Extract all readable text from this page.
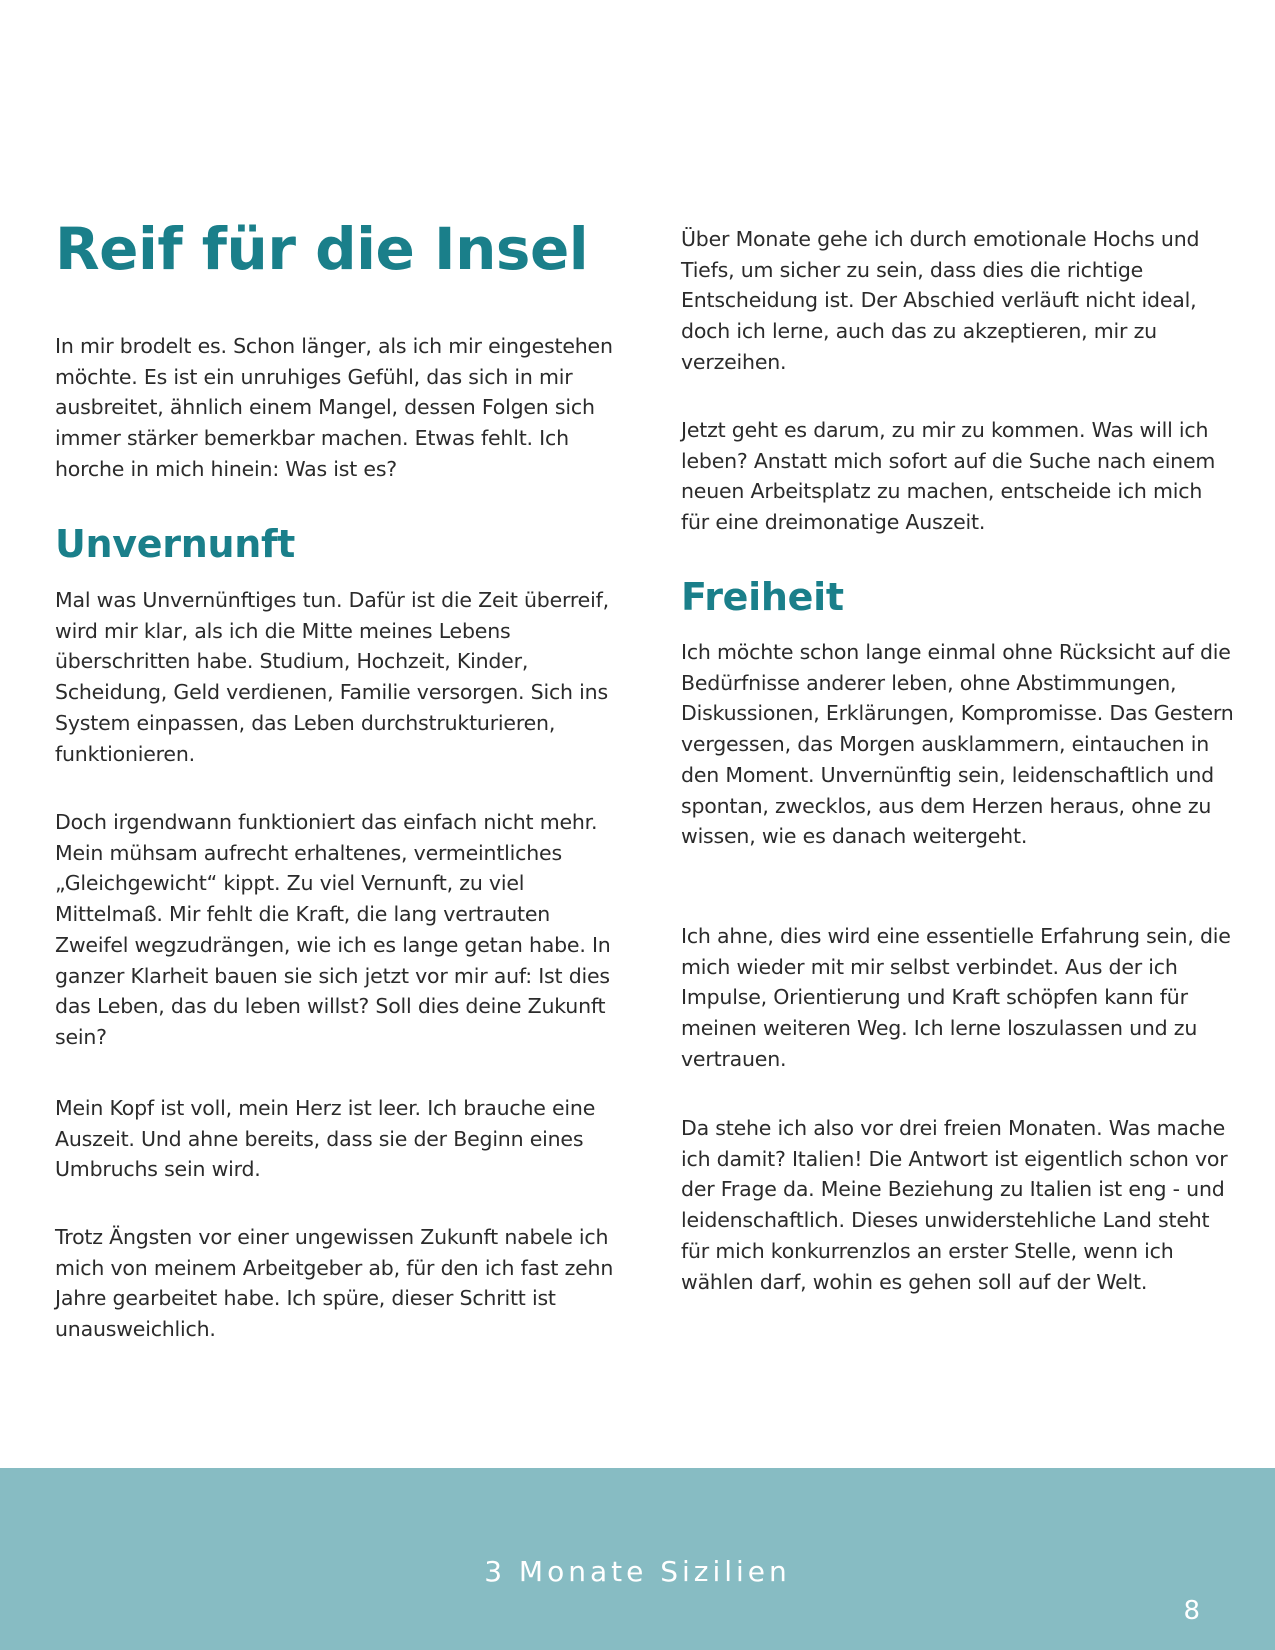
Reif für die Insel

In mir brodelt es. Schon länger, als ich mir eingestehen möchte. Es ist ein unruhiges Gefühl, das sich in mir ausbreitet, ähnlich einem Mangel, dessen Folgen sich immer stärker bemerkbar machen. Etwas fehlt. Ich horche in mich hinein: Was ist es?

Unvernunft

Mal was Unvernünftiges tun. Dafür ist die Zeit überreif, wird mir klar, als ich die Mitte meines Lebens überschritten habe. Studium, Hochzeit, Kinder, Scheidung, Geld verdienen, Familie versorgen. Sich ins System einpassen, das Leben durchstrukturieren, funktionieren.

Doch irgendwann funktioniert das einfach nicht mehr. Mein mühsam aufrecht erhaltenes, vermeintliches „Gleichgewicht“ kippt. Zu viel Vernunft, zu viel Mittelmaß. Mir fehlt die Kraft, die lang vertrauten Zweifel wegzudrängen, wie ich es lange getan habe. In ganzer Klarheit bauen sie sich jetzt vor mir auf: Ist dies das Leben, das du leben willst? Soll dies deine Zukunft sein?

Mein Kopf ist voll, mein Herz ist leer. Ich brauche eine Auszeit. Und ahne bereits, dass sie der Beginn eines Umbruchs sein wird.

Trotz Ängsten vor einer ungewissen Zukunft nabele ich mich von meinem Arbeitgeber ab, für den ich fast zehn Jahre gearbeitet habe. Ich spüre, dieser Schritt ist unausweichlich.

Über Monate gehe ich durch emotionale Hochs und Tiefs, um sicher zu sein, dass dies die richtige Entscheidung ist. Der Abschied verläuft nicht ideal, doch ich lerne, auch das zu akzeptieren, mir zu verzeihen.

Jetzt geht es darum, zu mir zu kommen. Was will ich leben? Anstatt mich sofort auf die Suche nach einem neuen Arbeitsplatz zu machen, entscheide ich mich für eine dreimonatige Auszeit.

Freiheit

Ich möchte schon lange einmal ohne Rücksicht auf die Bedürfnisse anderer leben, ohne Abstimmungen, Diskussionen, Erklärungen, Kompromisse. Das Gestern vergessen, das Morgen ausklammern, eintauchen in den Moment. Unvernünftig sein, leidenschaftlich und spontan, zwecklos, aus dem Herzen heraus, ohne zu wissen, wie es danach weitergeht.

Ich ahne, dies wird eine essentielle Erfahrung sein, die mich wieder mit mir selbst verbindet. Aus der ich Impulse, Orientierung und Kraft schöpfen kann für meinen weiteren Weg. Ich lerne loszulassen und zu vertrauen.

Da stehe ich also vor drei freien Monaten. Was mache ich damit? Italien! Die Antwort ist eigentlich schon vor der Frage da. Meine Beziehung zu Italien ist eng - und leidenschaftlich. Dieses unwiderstehliche Land steht für mich konkurrenzlos an erster Stelle, wenn ich wählen darf, wohin es gehen soll auf der Welt.

3 Monate Sizilien
8
